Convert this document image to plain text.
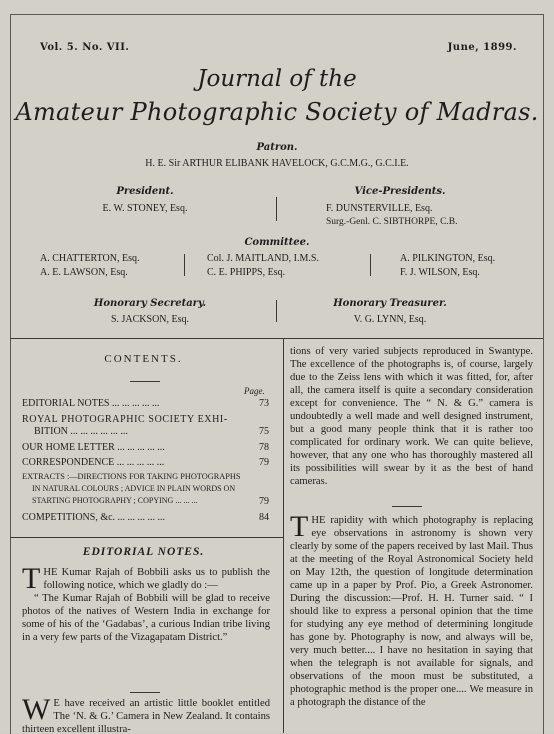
Vol. 5. No. VII.	June, 1899.
Journal of the
Amateur Photographic Society of Madras.
Patron.
H. E. Sir ARTHUR ELIBANK HAVELOCK, G.C.M.G., G.C.I.E.
President.
E. W. STONEY, Esq.
Vice-Presidents.
F. DUNSTERVILLE, Esq.
Surg.-Genl. C. SIBTHORPE, C.B.
Committee.
A. CHATTERTON, Esq.
A. E. LAWSON, Esq.
Col. J. MAITLAND, I.M.S.
C. E. PHIPPS, Esq.
A. PILKINGTON, Esq.
F. J. WILSON, Esq.
Honorary Secretary.
S. JACKSON, Esq.
Honorary Treasurer.
V. G. LYNN, Esq.
CONTENTS.
Page.
EDITORIAL NOTES ... ... ... ... ...	73
ROYAL PHOTOGRAPHIC SOCIETY EXHI-
BITION ... ... ... ... ... ...	75
OUR HOME LETTER ... ... ... ... ...	78
CORRESPONDENCE ... ... ... ... ...	79
EXTRACTS :—DIRECTIONS FOR TAKING PHOTOGRAPHS
IN NATURAL COLOURS ; ADVICE IN PLAIN WORDS ON
STARTING PHOTOGRAPHY ; COPYING ... ... ...	79
COMPETITIONS, &c. ... ... ... ... ...	84
EDITORIAL NOTES.

THE Kumar Rajah of Bobbili asks us to publish the following notice, which we gladly do :—

“ The Kumar Rajah of Bobbili will be glad to receive photos of the natives of Western India in exchange for some of his of the ‘Gadabas’, a curious Indian tribe living in a very few parts of the Vizagapatam District.”

W E have received an artistic little booklet entitled The ‘N. & G.’ Camera in New Zealand. It contains thirteen excellent illustra-

tions of very varied subjects reproduced in Swantype. The excellence of the photographs is, of course, largely due to the Zeiss lens with which it was fitted, for, after all, the camera itself is quite a secondary consideration except for convenience. The “ N. & G.” camera is undoubtedly a well made and well designed instrument, but a good many people think that it is rather too complicated for ordinary work. We can quite believe, however, that any one who has thoroughly mastered all its possibilities will swear by it as the best of hand cameras.

THE rapidity with which photography is replacing eye observations in astronomy is shown very clearly by some of the papers received by last Mail. Thus at the meeting of the Royal Astronomical Society held on May 12th, the question of longitude determination came up in a paper by Prof. Pio, a Greek Astronomer. During the discussion:—Prof. H. H. Turner said. “ I should like to express a personal opinion that the time for studying any eye method of determining longitude has gone by. Photography is now, and always will be, very much better.... I have no hesitation in saying that when the telegraph is not available for signals, and observations of the moon must be substituted, a photographic method is the proper one.... We measure in a photograph the distance of the
